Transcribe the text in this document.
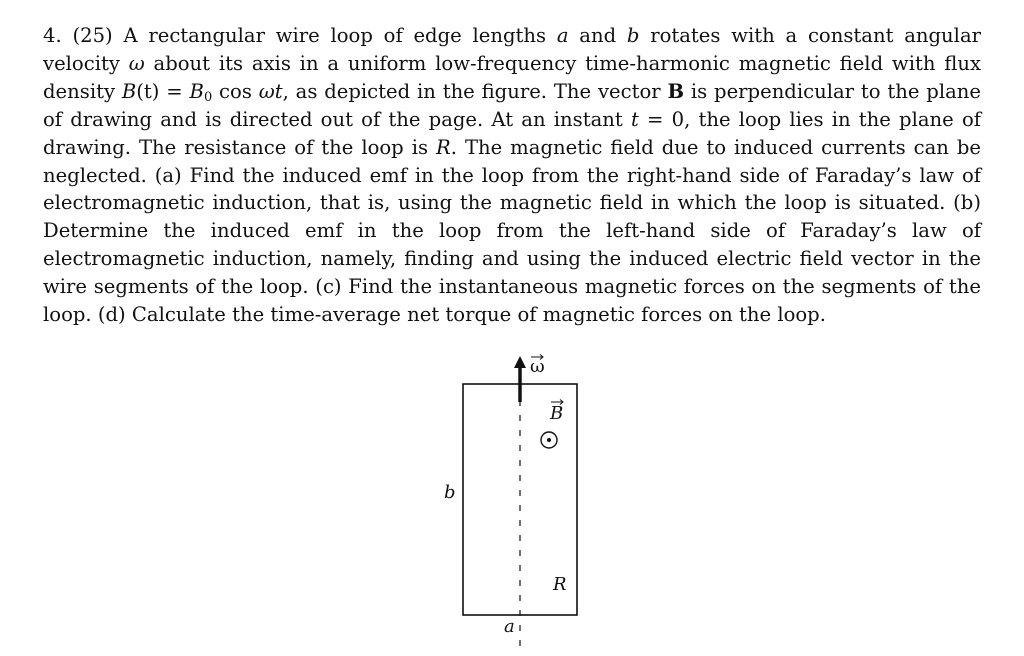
4. (25) A rectangular wire loop of edge lengths a and b rotates with a constant angular velocity ω about its axis in a uniform low-frequency time-harmonic magnetic field with flux density $B(t) = B_0$ cos ωt, as depicted in the figure. The vector B is perpendicular to the plane of drawing and is directed out of the page. At an instant t = 0, the loop lies in the plane of drawing. The resistance of the loop is R. The magnetic field due to induced currents can be neglected. (a) Find the induced emf in the loop from the right-hand side of Faraday’s law of electromagnetic induction, that is, using the magnetic field in which the loop is situated. (b) Determine the induced emf in the loop from the left-hand side of Faraday’s law of electromagnetic induction, namely, finding and using the induced electric field vector in the wire segments of the loop. (c) Find the instantaneous magnetic forces on the segments of the loop. (d) Calculate the time-average net torque of magnetic forces on the loop.

ω
B
b
a
R
